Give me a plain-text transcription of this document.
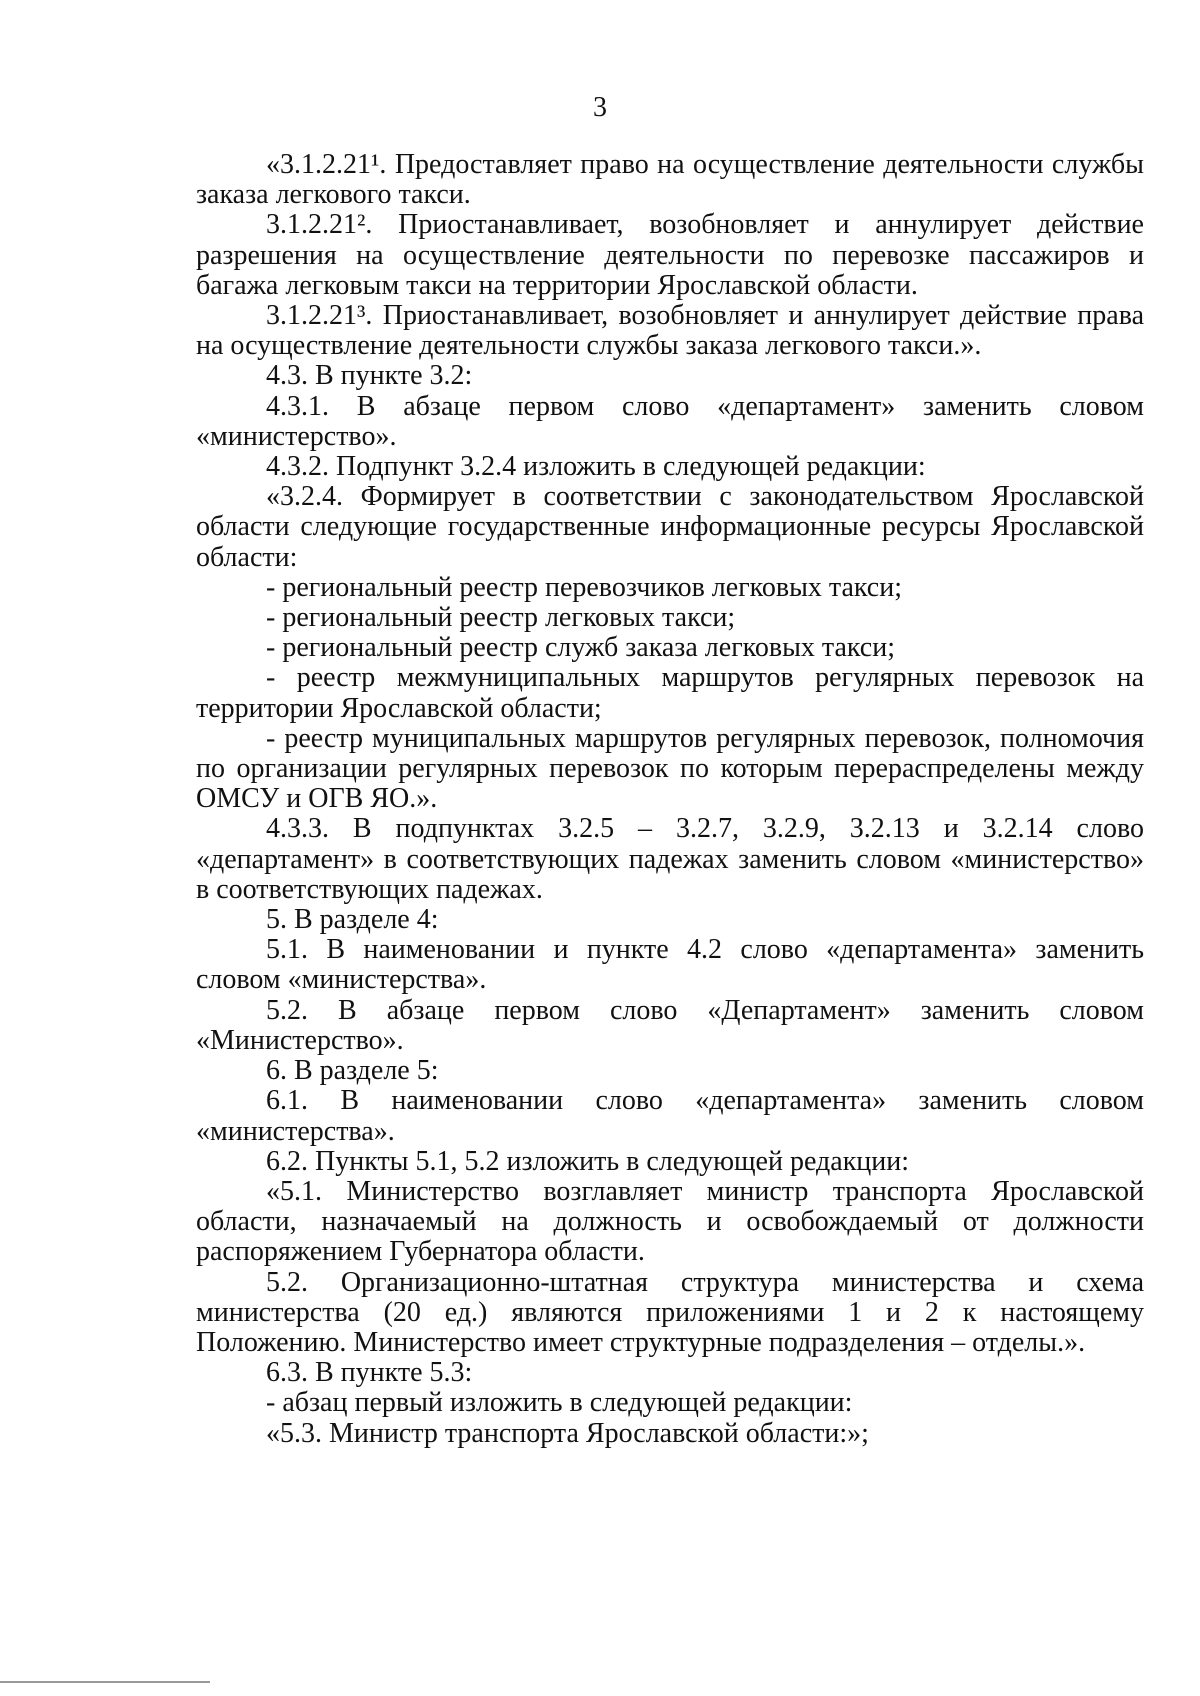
3

«3.1.2.21¹. Предоставляет право на осуществление деятельности службы заказа легкового такси.

3.1.2.21². Приостанавливает, возобновляет и аннулирует действие разрешения на осуществление деятельности по перевозке пассажиров и багажа легковым такси на территории Ярославской области.

3.1.2.21³. Приостанавливает, возобновляет и аннулирует действие права на осуществление деятельности службы заказа легкового такси.».

4.3. В пункте 3.2:

4.3.1. В абзаце первом слово «департамент» заменить словом «министерство».

4.3.2. Подпункт 3.2.4 изложить в следующей редакции:

«3.2.4. Формирует в соответствии с законодательством Ярославской области следующие государственные информационные ресурсы Ярославской области:

- региональный реестр перевозчиков легковых такси;

- региональный реестр легковых такси;

- региональный реестр служб заказа легковых такси;

- реестр межмуниципальных маршрутов регулярных перевозок на территории Ярославской области;

- реестр муниципальных маршрутов регулярных перевозок, полномочия по организации регулярных перевозок по которым перераспределены между ОМСУ и ОГВ ЯО.».

4.3.3. В подпунктах 3.2.5 – 3.2.7, 3.2.9, 3.2.13 и 3.2.14 слово «департамент» в соответствующих падежах заменить словом «министерство» в соответствующих падежах.

5. В разделе 4:

5.1. В наименовании и пункте 4.2 слово «департамента» заменить словом «министерства».

5.2. В абзаце первом слово «Департамент» заменить словом «Министерство».

6. В разделе 5:

6.1. В наименовании слово «департамента» заменить словом «министерства».

6.2. Пункты 5.1, 5.2 изложить в следующей редакции:

«5.1. Министерство возглавляет министр транспорта Ярославской области, назначаемый на должность и освобождаемый от должности распоряжением Губернатора области.

5.2. Организационно-штатная структура министерства и схема министерства (20 ед.) являются приложениями 1 и 2 к настоящему Положению. Министерство имеет структурные подразделения – отделы.».

6.3. В пункте 5.3:

- абзац первый изложить в следующей редакции:

«5.3. Министр транспорта Ярославской области:»;
